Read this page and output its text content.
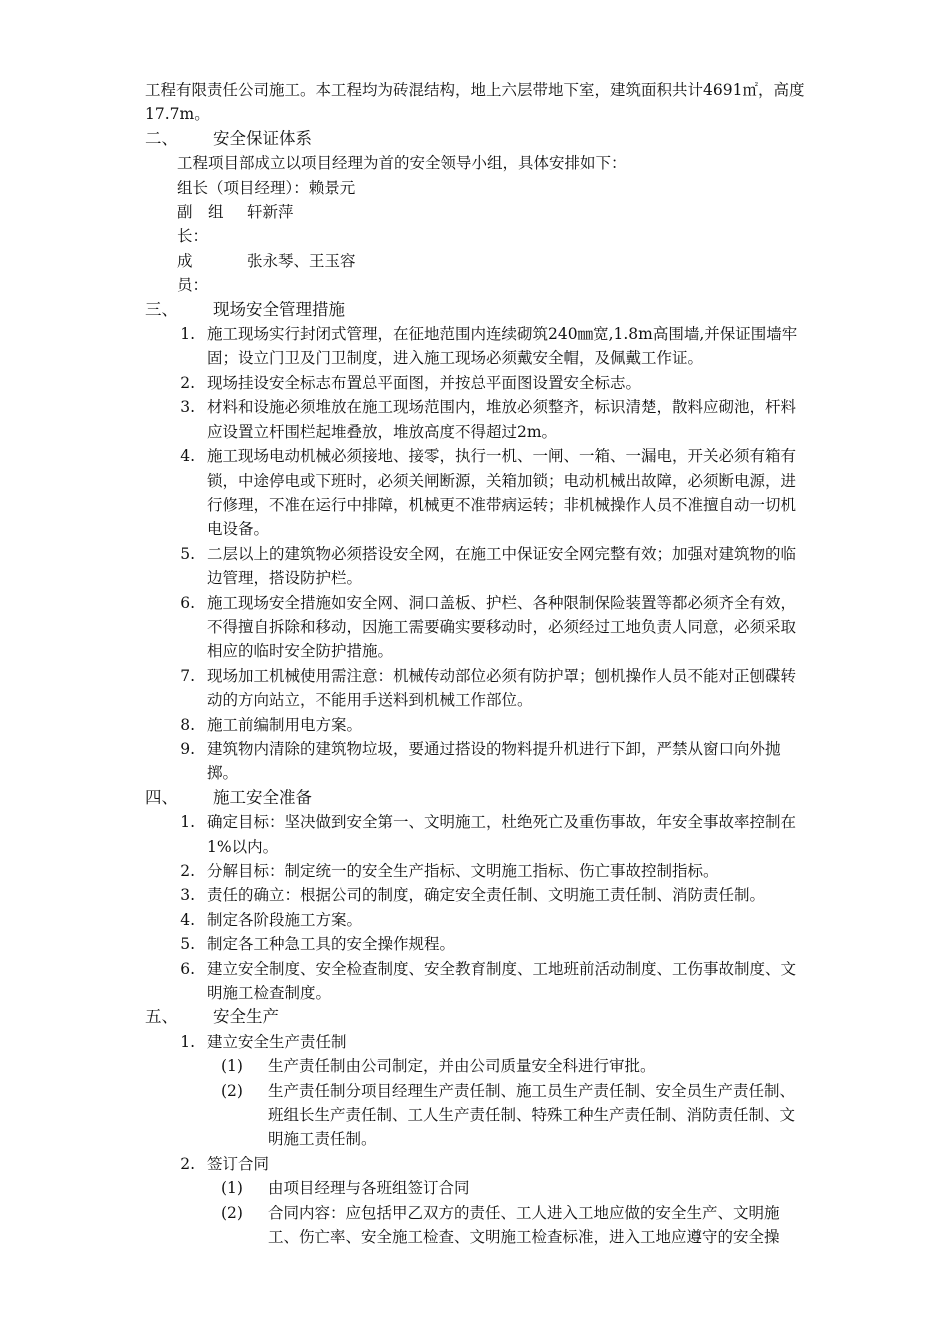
工程有限责任公司施工。本工程均为砖混结构，地上六层带地下室，建筑面积共计4691㎡，高度17.7m。

二、	安全保证体系

工程项目部成立以项目经理为首的安全领导小组，具体安排如下：

组长（项目经理）：赖景元

副　组　长：
轩新萍
成　　　员：
张永琴、王玉容
三、	现场安全管理措施
1. 施工现场实行封闭式管理，在征地范围内连续砌筑240㎜宽,1.8m高围墙,并保证围墙牢固；设立门卫及门卫制度，进入施工现场必须戴安全帽，及佩戴工作证。
2. 现场挂设安全标志布置总平面图，并按总平面图设置安全标志。
3. 材料和设施必须堆放在施工现场范围内，堆放必须整齐，标识清楚，散料应砌池，杆料应设置立杆围栏起堆叠放，堆放高度不得超过2m。
4. 施工现场电动机械必须接地、接零，执行一机、一闸、一箱、一漏电，开关必须有箱有锁，中途停电或下班时，必须关闸断源，关箱加锁；电动机械出故障，必须断电源，进行修理，不准在运行中排障，机械更不准带病运转；非机械操作人员不准擅自动一切机电设备。
5. 二层以上的建筑物必须搭设安全网，在施工中保证安全网完整有效；加强对建筑物的临边管理，搭设防护栏。
6. 施工现场安全措施如安全网、洞口盖板、护栏、各种限制保险装置等都必须齐全有效，不得擅自拆除和移动，因施工需要确实要移动时，必须经过工地负责人同意，必须采取相应的临时安全防护措施。
7. 现场加工机械使用需注意：机械传动部位必须有防护罩；刨机操作人员不能对正刨碟转动的方向站立，不能用手送料到机械工作部位。
8. 施工前编制用电方案。
9. 建筑物内清除的建筑物垃圾，要通过搭设的物料提升机进行下卸，严禁从窗口向外抛掷。
四、	施工安全准备
1. 确定目标：坚决做到安全第一、文明施工，杜绝死亡及重伤事故，年安全事故率控制在1%以内。
2. 分解目标：制定统一的安全生产指标、文明施工指标、伤亡事故控制指标。
3. 责任的确立：根据公司的制度，确定安全责任制、文明施工责任制、消防责任制。
4. 制定各阶段施工方案。
5. 制定各工种急工具的安全操作规程。
6. 建立安全制度、安全检查制度、安全教育制度、工地班前活动制度、工伤事故制度、文明施工检查制度。
五、	安全生产
1. 建立安全生产责任制
(1)	生产责任制由公司制定，并由公司质量安全科进行审批。
(2)	生产责任制分项目经理生产责任制、施工员生产责任制、安全员生产责任制、班组长生产责任制、工人生产责任制、特殊工种生产责任制、消防责任制、文明施工责任制。
2. 签订合同
(1)	由项目经理与各班组签订合同
(2)	合同内容：应包括甲乙双方的责任、工人进入工地应做的安全生产、文明施工、伤亡率、安全施工检查、文明施工检查标准，进入工地应遵守的安全操
